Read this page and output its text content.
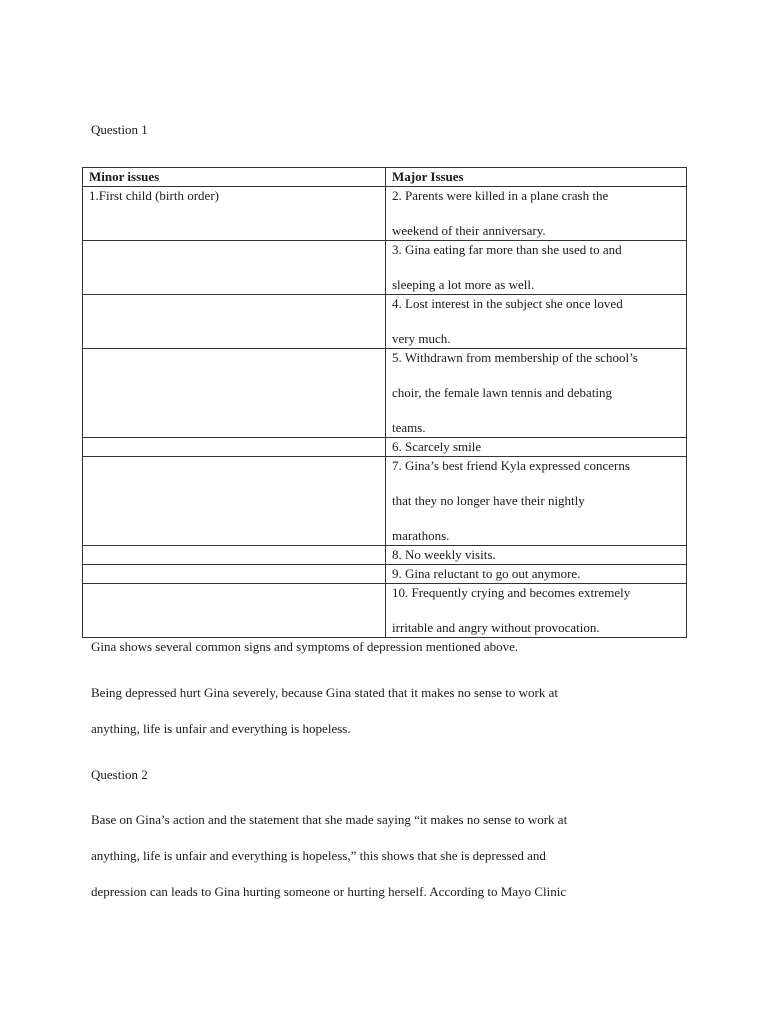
Question 1

Minor issues	Major Issues

1.First child (birth order)	2. Parents were killed in a plane crash the
weekend of their anniversary.

	3. Gina eating far more than she used to and
sleeping a lot more as well.

	4. Lost interest in the subject she once loved
very much.

	5. Withdrawn from membership of the school’s
choir, the female lawn tennis and debating
teams.

	6. Scarcely smile

	7. Gina’s best friend Kyla expressed concerns
that they no longer have their nightly
marathons.

	8. No weekly visits.

	9. Gina reluctant to go out anymore.

	10. Frequently crying and becomes extremely
irritable and angry without provocation.

Gina shows several common signs and symptoms of depression mentioned above.

Being depressed hurt Gina severely, because Gina stated that it makes no sense to work at

anything, life is unfair and everything is hopeless.

Question 2

Base on Gina’s action and the statement that she made saying “it makes no sense to work at

anything, life is unfair and everything is hopeless,” this shows that she is depressed and

depression can leads to Gina hurting someone or hurting herself. According to Mayo Clinic
